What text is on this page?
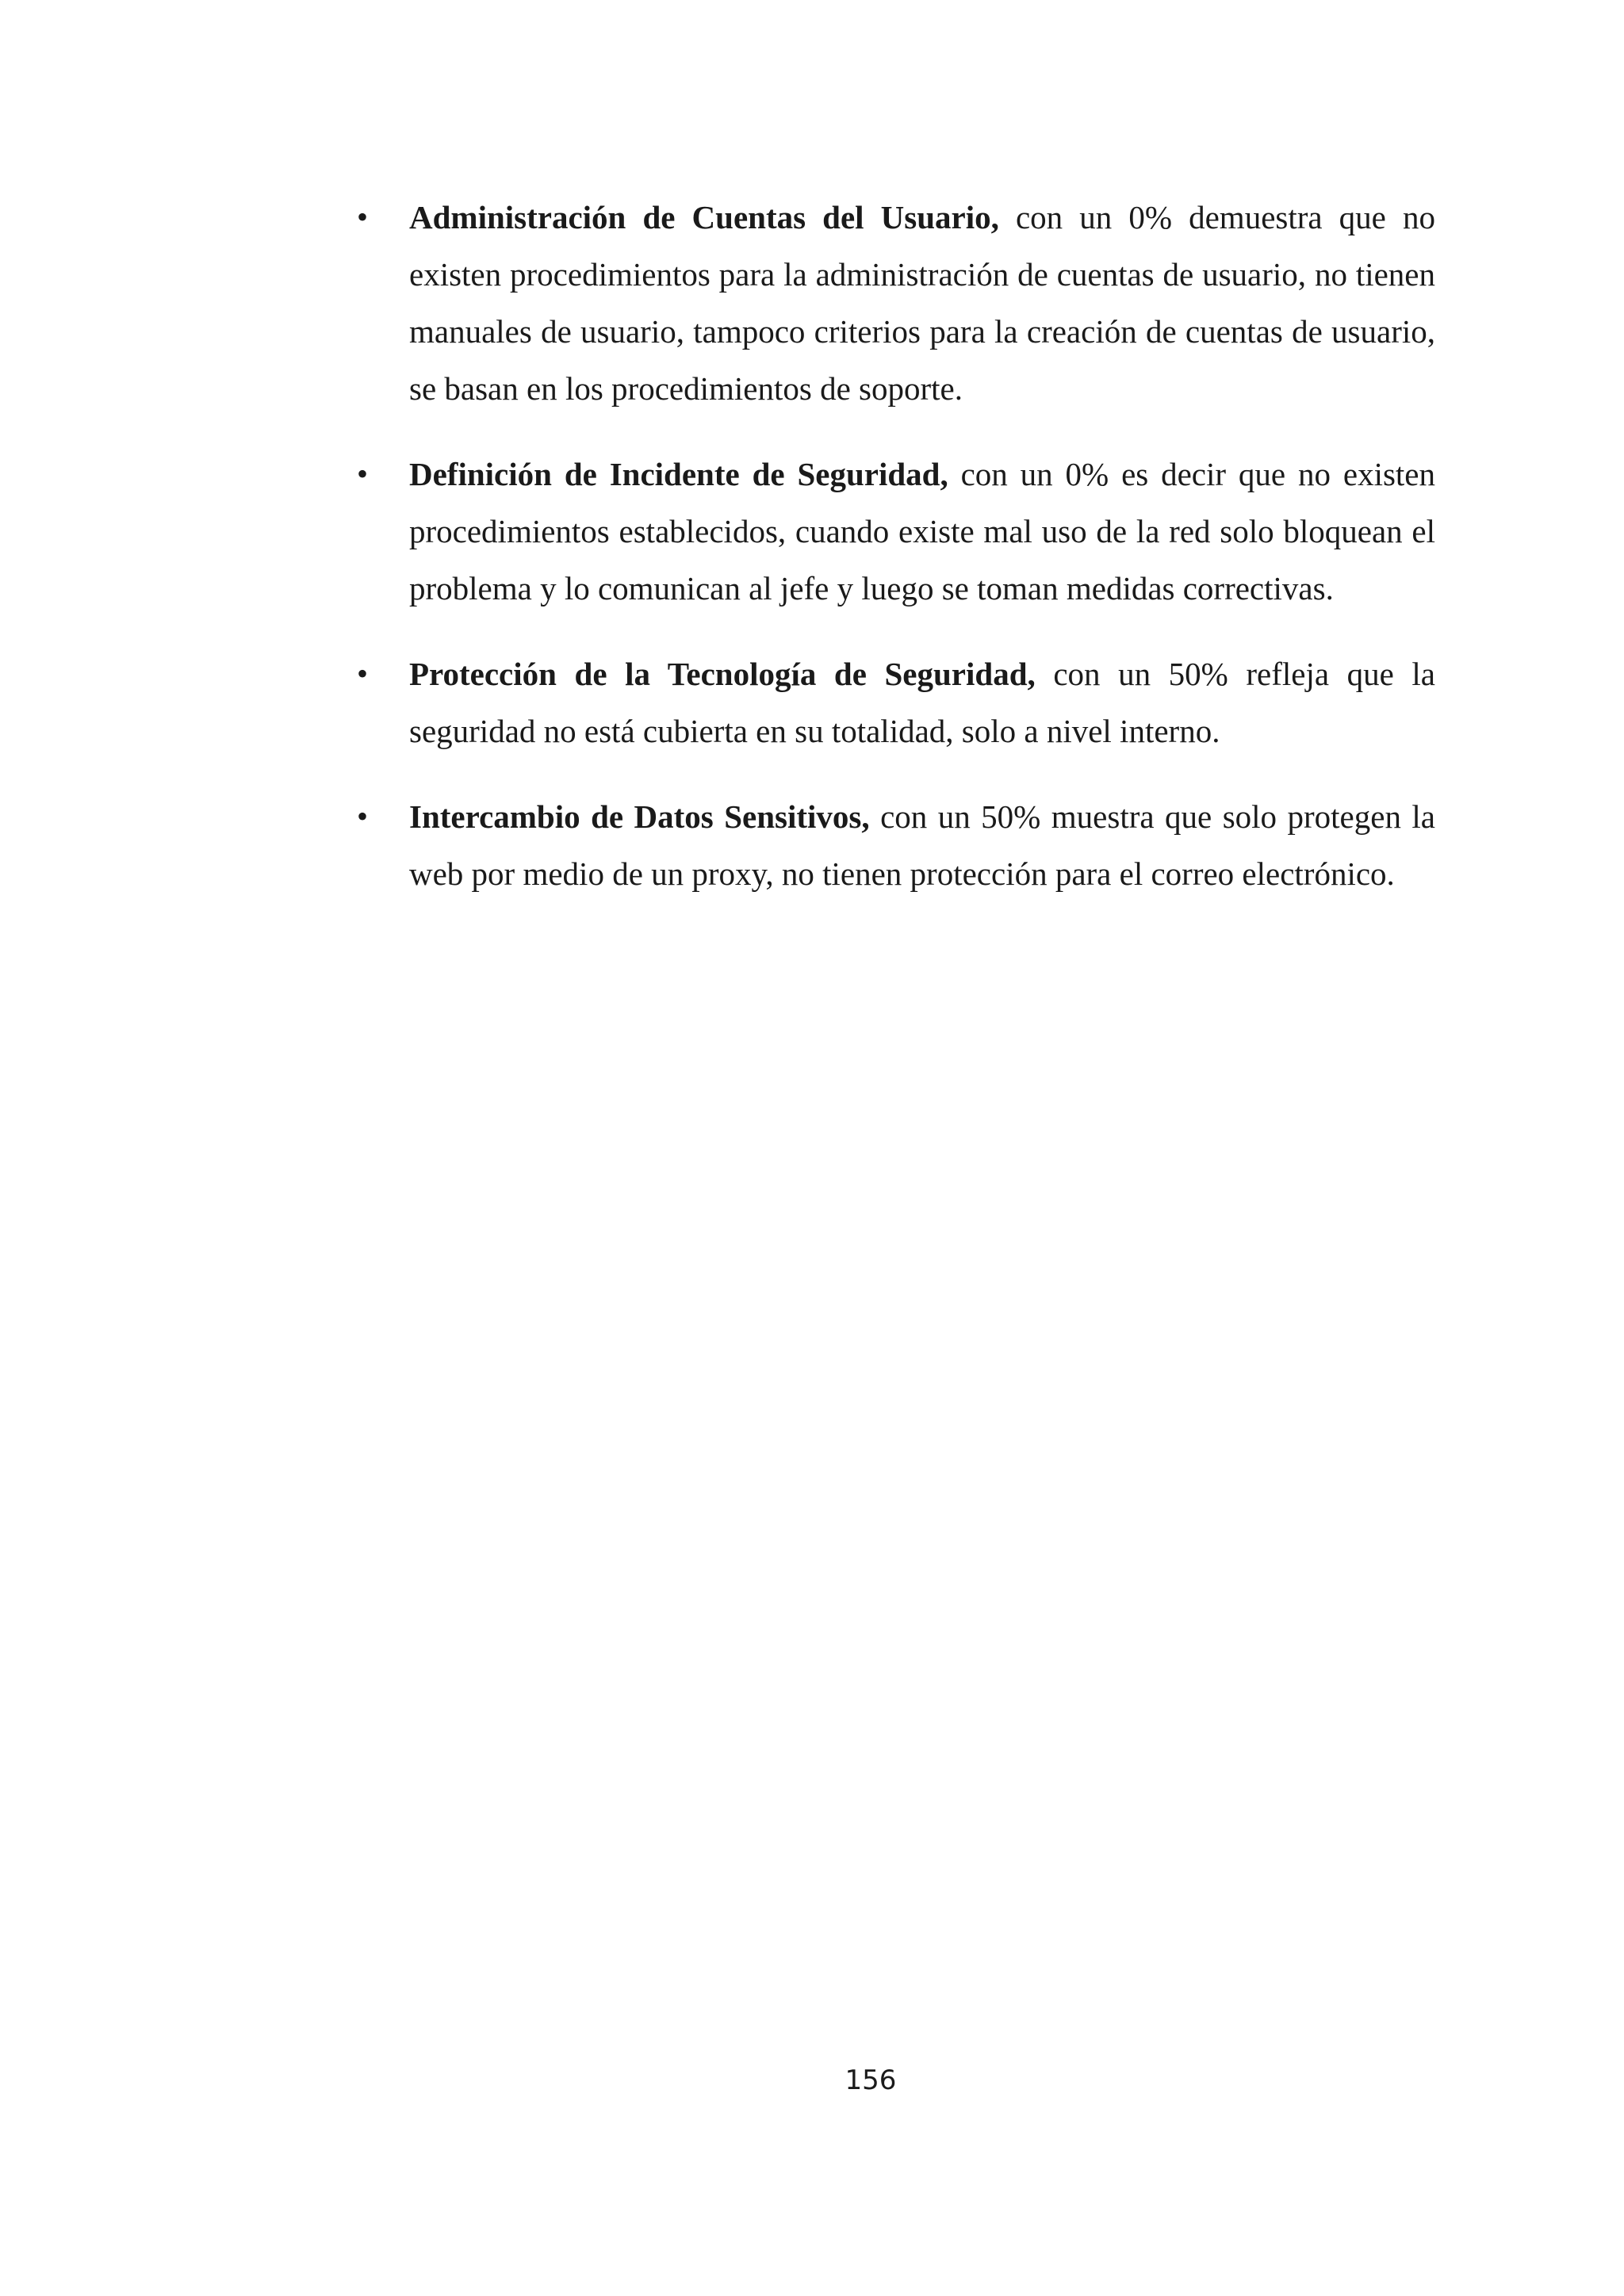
•	Administración de Cuentas del Usuario, con un 0% demuestra que no existen procedimientos para la administración de cuentas de usuario, no tienen manuales de usuario, tampoco criterios para la creación de cuentas de usuario, se basan en los procedimientos de soporte.
•	Definición de Incidente de Seguridad, con un 0% es decir que no existen procedimientos establecidos, cuando existe mal uso de la red solo bloquean el problema y lo comunican al jefe y luego se toman medidas correctivas.
•	Protección de la Tecnología de Seguridad, con un 50% refleja que la seguridad no está cubierta en su totalidad, solo a nivel interno.
•	Intercambio de Datos Sensitivos, con un 50% muestra que solo protegen la web por medio de un proxy, no tienen protección para el correo electrónico.
156
